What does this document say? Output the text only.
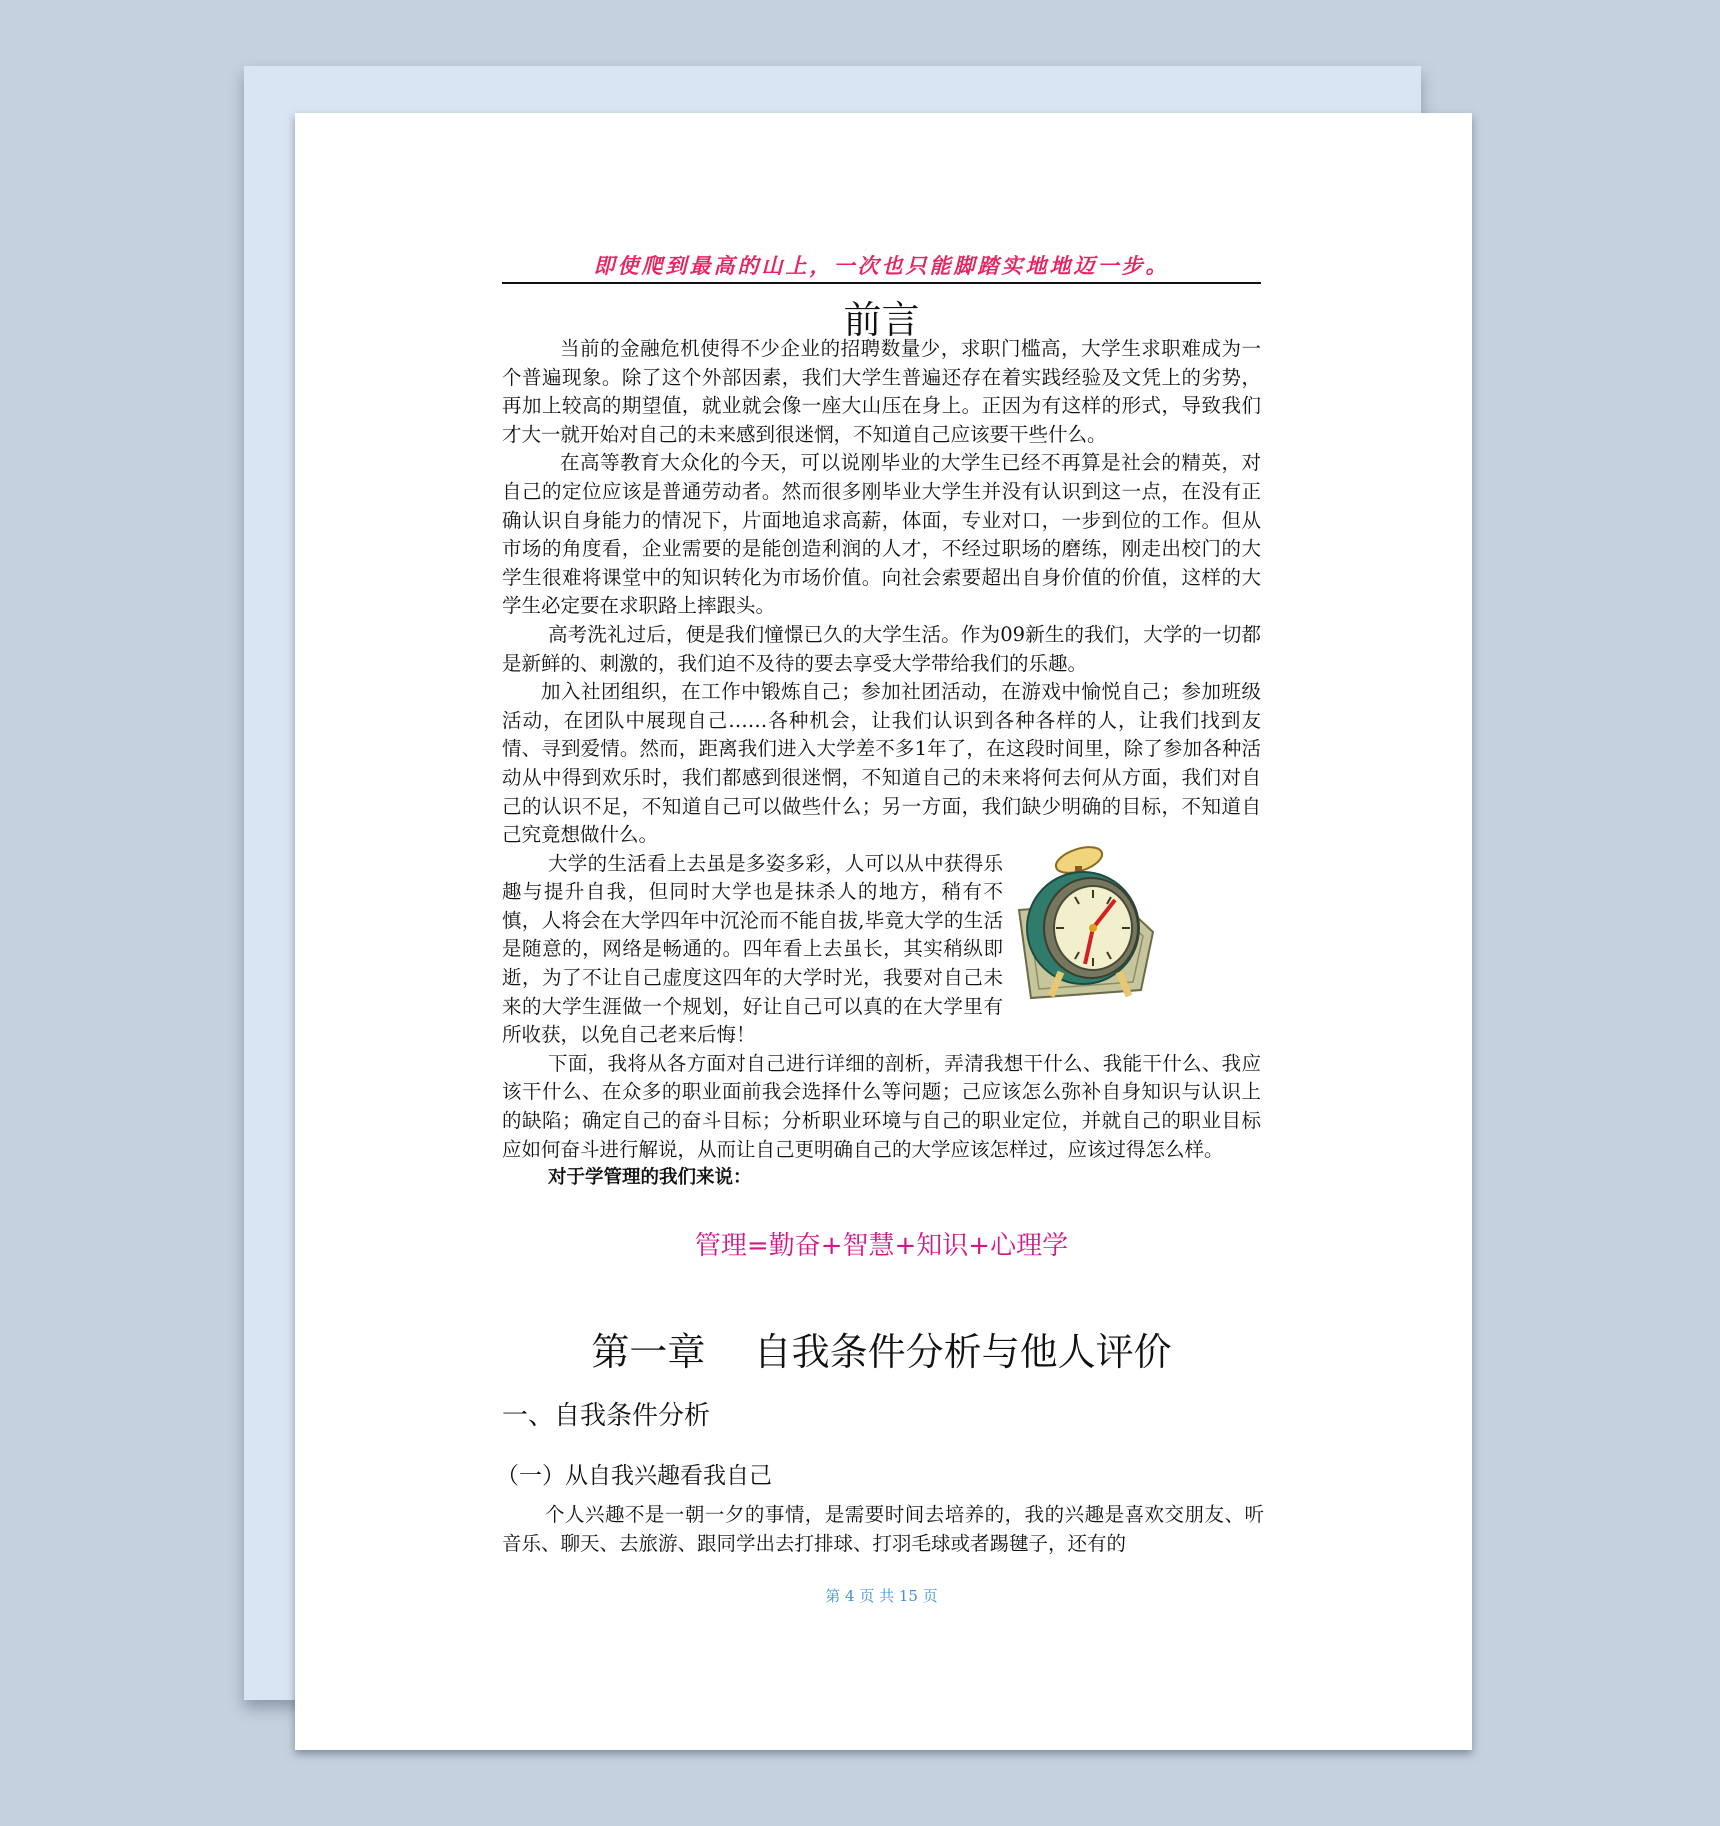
即使爬到最高的山上，一次也只能脚踏实地地迈一步。
前言

当前的金融危机使得不少企业的招聘数量少，求职门槛高，大学生求职难成为一个普遍现象。除了这个外部因素，我们大学生普遍还存在着实践经验及文凭上的劣势，再加上较高的期望值，就业就会像一座大山压在身上。正因为有这样的形式，导致我们才大一就开始对自己的未来感到很迷惘，不知道自己应该要干些什么。

在高等教育大众化的今天，可以说刚毕业的大学生已经不再算是社会的精英，对自己的定位应该是普通劳动者。然而很多刚毕业大学生并没有认识到这一点，在没有正确认识自身能力的情况下，片面地追求高薪，体面，专业对口，一步到位的工作。但从市场的角度看，企业需要的是能创造利润的人才，不经过职场的磨练，刚走出校门的大学生很难将课堂中的知识转化为市场价值。向社会索要超出自身价值的价值，这样的大学生必定要在求职路上摔跟头。

高考洗礼过后，便是我们憧憬已久的大学生活。作为09新生的我们，大学的一切都是新鲜的、刺激的，我们迫不及待的要去享受大学带给我们的乐趣。

加入社团组织，在工作中锻炼自己；参加社团活动，在游戏中愉悦自己；参加班级活动，在团队中展现自己……各种机会，让我们认识到各种各样的人，让我们找到友情、寻到爱情。然而，距离我们进入大学差不多1年了，在这段时间里，除了参加各种活动从中得到欢乐时，我们都感到很迷惘，不知道自己的未来将何去何从方面，我们对自己的认识不足，不知道自己可以做些什么；另一方面，我们缺少明确的目标，不知道自己究竟想做什么。

大学的生活看上去虽是多姿多彩，人可以从中获得乐趣与提升自我，但同时大学也是抹杀人的地方，稍有不慎，人将会在大学四年中沉沦而不能自拔,毕竟大学的生活是随意的，网络是畅通的。四年看上去虽长，其实稍纵即逝，为了不让自己虚度这四年的大学时光，我要对自己未来的大学生涯做一个规划，好让自己可以真的在大学里有所收获，以免自己老来后悔！

下面，我将从各方面对自己进行详细的剖析，弄清我想干什么、我能干什么、我应该干什么、在众多的职业面前我会选择什么等问题；己应该怎么弥补自身知识与认识上的缺陷；确定自己的奋斗目标；分析职业环境与自己的职业定位，并就自己的职业目标应如何奋斗进行解说，从而让自己更明确自己的大学应该怎样过，应该过得怎么样。

对于学管理的我们来说：

管理=勤奋+智慧+知识+心理学
第一章    自我条件分析与他人评价
一、自我条件分析
（一）从自我兴趣看我自己

个人兴趣不是一朝一夕的事情，是需要时间去培养的，我的兴趣是喜欢交朋友、听音乐、聊天、去旅游、跟同学出去打排球、打羽毛球或者踢毽子，还有的

第 4 页 共 15 页
